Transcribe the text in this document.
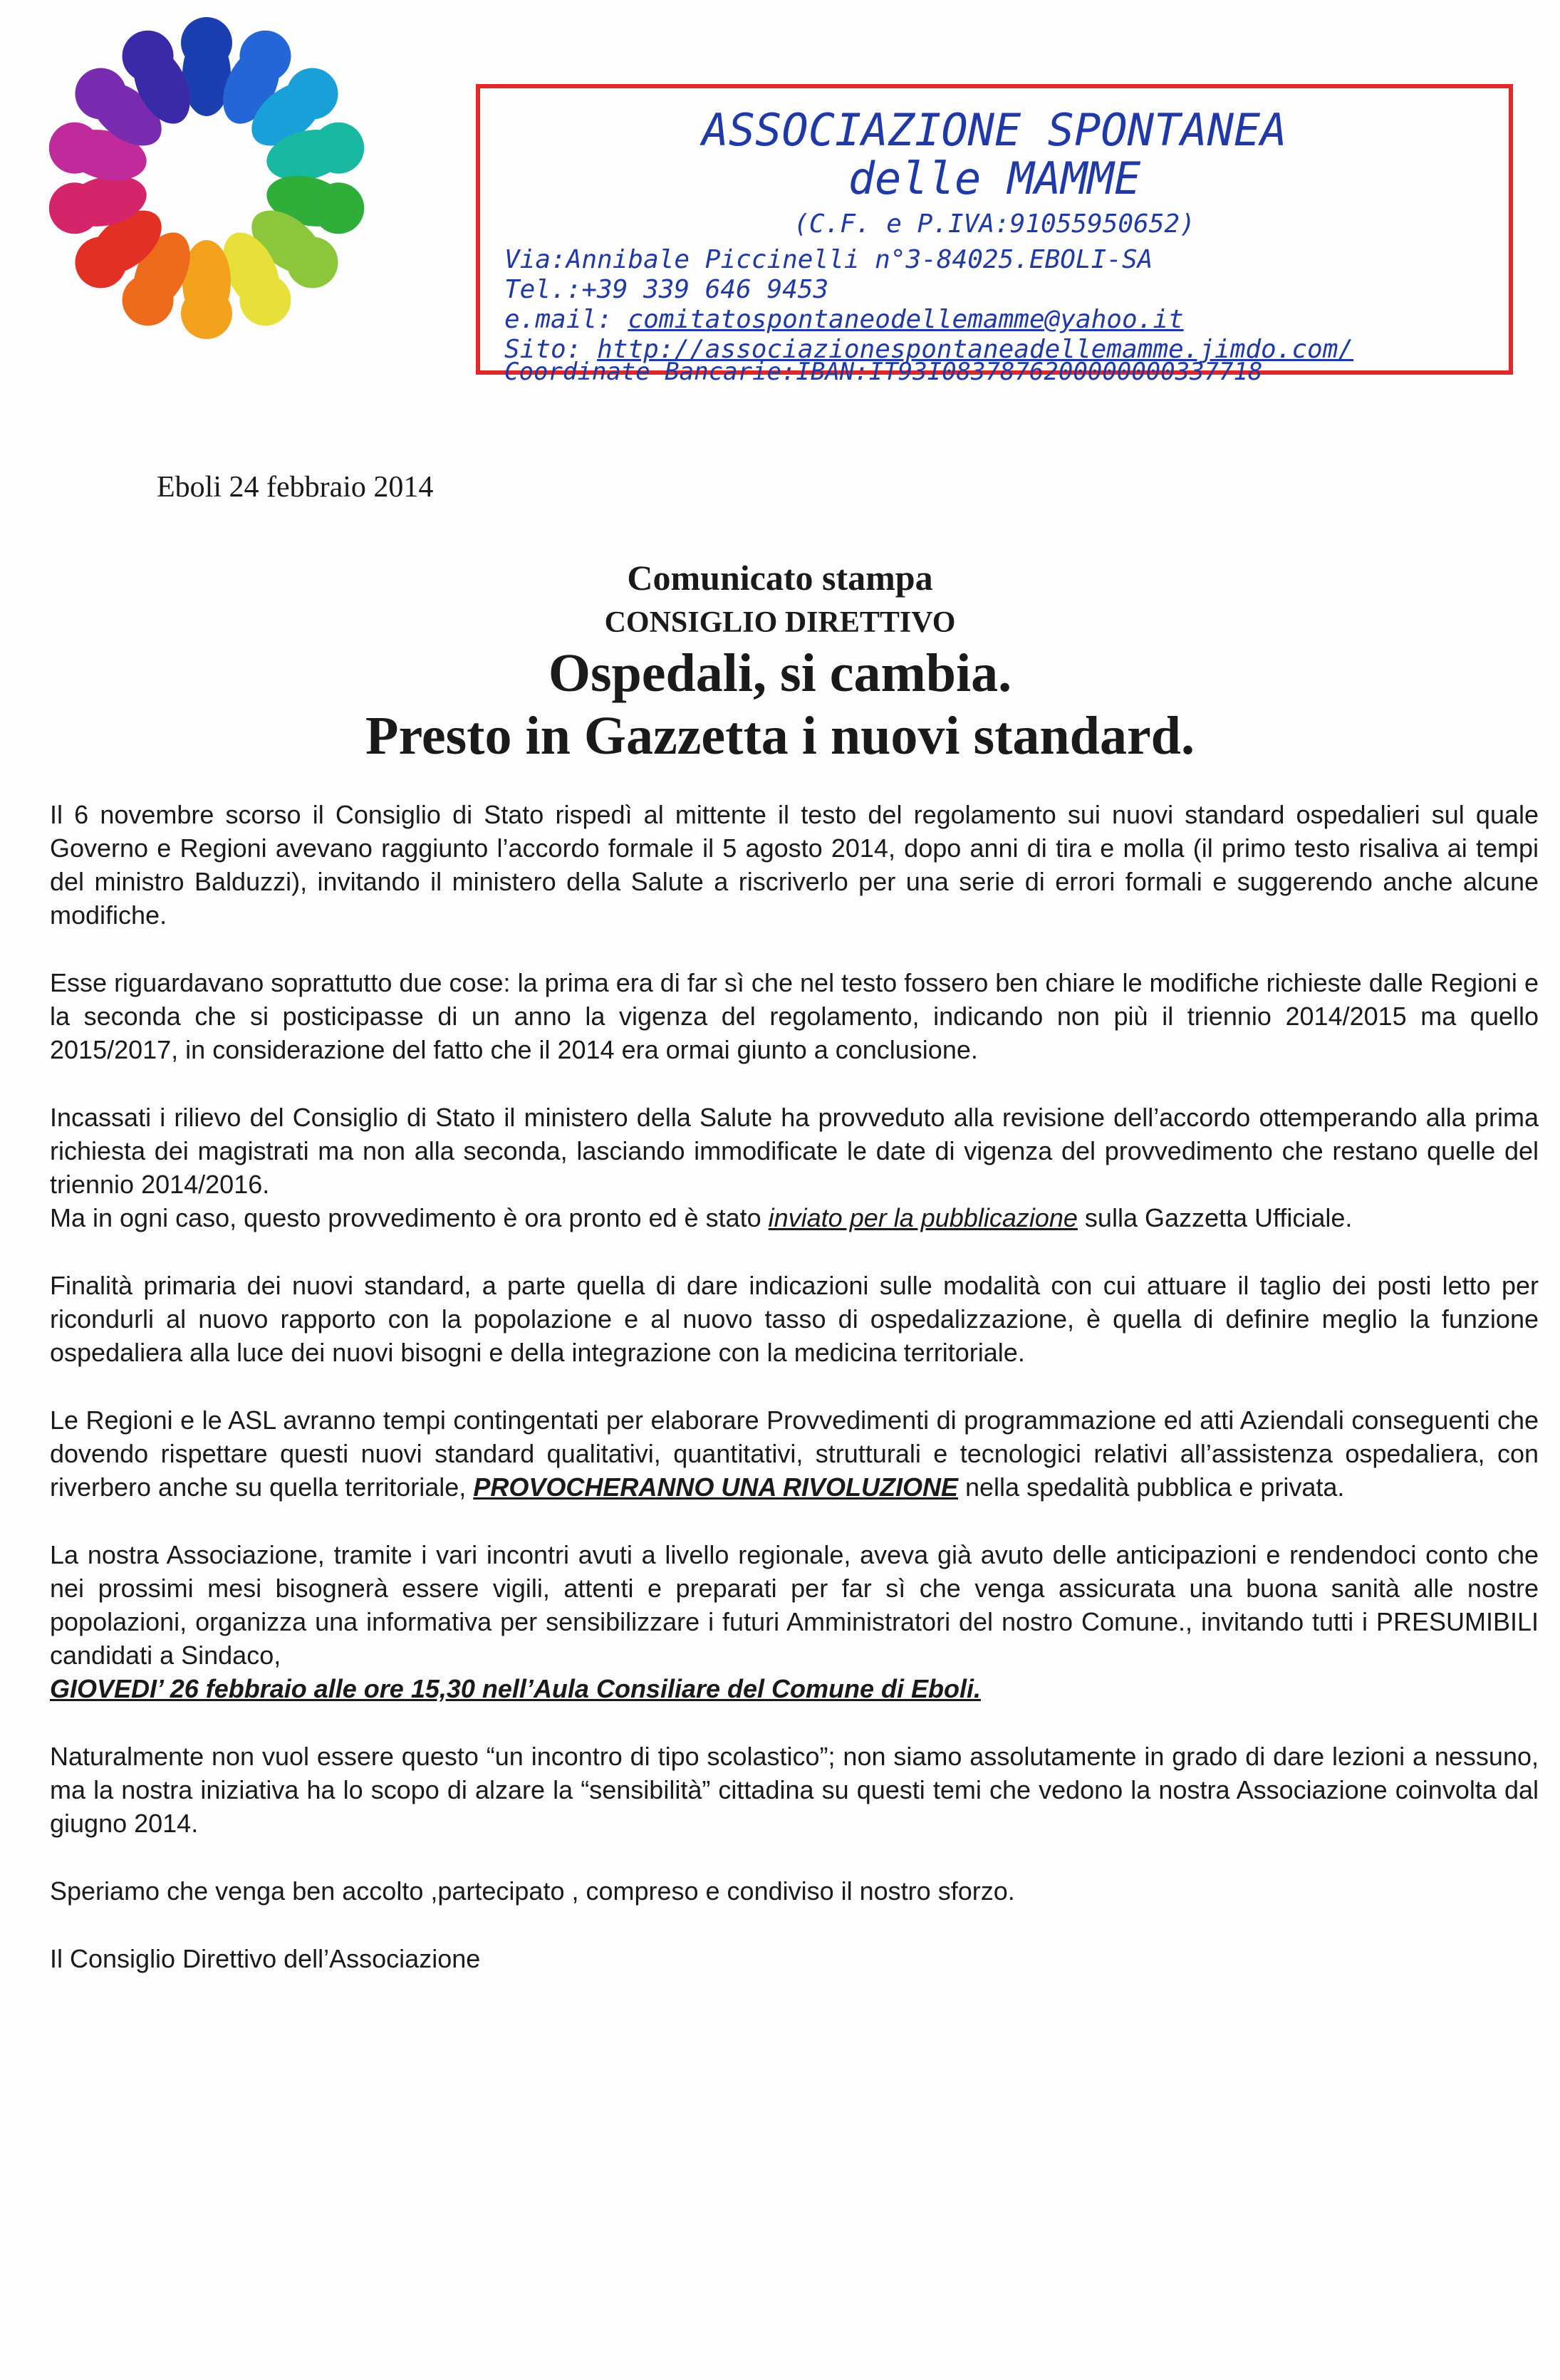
ASSOCIAZIONE SPONTANEA
delle MAMME
(C.F. e P.IVA:91055950652)
Via:Annibale Piccinelli n°3-84025.EBOLI-SA
Tel.:+39 339 646 9453
e.mail: comitatospontaneodellemamme@yahoo.it
Sito: http://associazionespontaneadellemamme.jimdo.com/
Coordinate Bancarie:IBAN:IT93I0837876200000000337718
Eboli 24 febbraio 2014
Comunicato stampa
CONSIGLIO DIRETTIVO
Ospedali, si cambia.
Presto in Gazzetta i nuovi standard.

Il 6 novembre scorso il Consiglio di Stato rispedì al mittente il testo del regolamento sui nuovi standard ospedalieri sul quale Governo e Regioni avevano raggiunto l’accordo formale il 5 agosto 2014, dopo anni di tira e molla (il primo testo risaliva ai tempi del ministro Balduzzi), invitando il ministero della Salute a riscriverlo per una serie di errori formali e suggerendo anche alcune modifiche.

Esse riguardavano soprattutto due cose: la prima era di far sì che nel testo fossero ben chiare le modifiche richieste dalle Regioni e la seconda che si posticipasse di un anno la vigenza del regolamento, indicando non più il triennio 2014/2015 ma quello 2015/2017, in considerazione del fatto che il 2014 era ormai giunto a conclusione.

Incassati i rilievo del Consiglio di Stato il ministero della Salute ha provveduto alla revisione dell’accordo ottemperando alla prima richiesta dei magistrati ma non alla seconda, lasciando immodificate le date di vigenza del provvedimento che restano quelle del triennio 2014/2016.

Ma in ogni caso, questo provvedimento è ora pronto ed è stato inviato per la pubblicazione sulla Gazzetta Ufficiale.

Finalità primaria dei nuovi standard, a parte quella di dare indicazioni sulle modalità con cui attuare il taglio dei posti letto per ricondurli al nuovo rapporto con la popolazione e al nuovo tasso di ospedalizzazione, è quella di definire meglio la funzione ospedaliera alla luce dei nuovi bisogni e della integrazione con la medicina territoriale.

Le Regioni e le ASL avranno tempi contingentati per elaborare Provvedimenti di programmazione ed atti Aziendali conseguenti che dovendo rispettare questi nuovi standard qualitativi, quantitativi, strutturali e tecnologici relativi all’assistenza ospedaliera, con riverbero anche su quella territoriale, PROVOCHERANNO UNA RIVOLUZIONE nella spedalità pubblica e privata.

La nostra Associazione, tramite i vari incontri avuti a livello regionale, aveva già avuto delle anticipazioni e rendendoci conto che nei prossimi mesi bisognerà essere vigili, attenti e preparati per far sì che venga assicurata una buona sanità alle nostre popolazioni, organizza una informativa per sensibilizzare i futuri Amministratori del nostro Comune., invitando tutti i PRESUMIBILI candidati a Sindaco,

GIOVEDI’ 26 febbraio alle ore 15,30 nell’Aula Consiliare del Comune di Eboli.

Naturalmente non vuol essere questo “un incontro di tipo scolastico”; non siamo assolutamente in grado di dare lezioni a nessuno, ma la nostra iniziativa ha lo scopo di alzare la “sensibilità” cittadina su questi temi che vedono la nostra Associazione coinvolta dal giugno 2014.

Speriamo che venga ben accolto ,partecipato , compreso e condiviso il nostro sforzo.

Il Consiglio Direttivo dell’Associazione
